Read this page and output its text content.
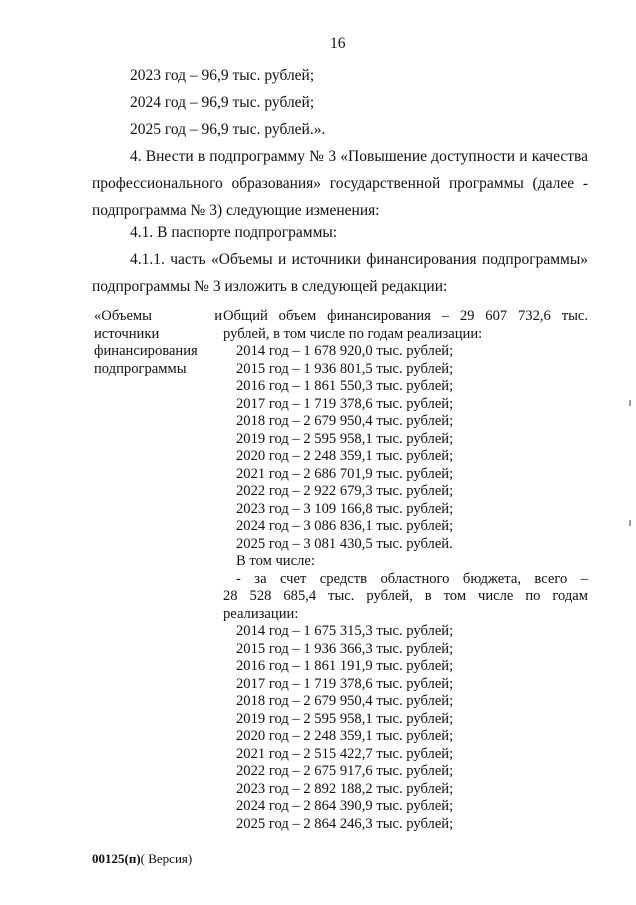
16
2023 год – 96,9 тыс. рублей;
2024 год – 96,9 тыс. рублей;
2025 год – 96,9 тыс. рублей.».
4. Внести в подпрограмму № 3 «Повышение доступности и качества
профессионального образования» государственной программы (далее -
подпрограмма № 3) следующие изменения:
4.1. В паспорте подпрограммы:
4.1.1. часть «Объемы и источники финансирования подпрограммы»
подпрограммы № 3 изложить в следующей редакции:
«Объемы	и
источники
финансирования
подпрограммы
Общий объем финансирования – 29 607 732,6 тыс.
рублей, в том числе по годам реализации:
2014 год – 1 678 920,0 тыс. рублей;
2015 год – 1 936 801,5 тыс. рублей;
2016 год – 1 861 550,3 тыс. рублей;
2017 год – 1 719 378,6 тыс. рублей;
2018 год – 2 679 950,4 тыс. рублей;
2019 год – 2 595 958,1 тыс. рублей;
2020 год – 2 248 359,1 тыс. рублей;
2021 год – 2 686 701,9 тыс. рублей;
2022 год – 2 922 679,3 тыс. рублей;
2023 год – 3 109 166,8 тыс. рублей;
2024 год – 3 086 836,1 тыс. рублей;
2025 год – 3 081 430,5 тыс. рублей.
В том числе:
- за счет средств областного бюджета, всего –
28 528 685,4 тыс. рублей, в том числе по годам
реализации:
2014 год – 1 675 315,3 тыс. рублей;
2015 год – 1 936 366,3 тыс. рублей;
2016 год – 1 861 191,9 тыс. рублей;
2017 год – 1 719 378,6 тыс. рублей;
2018 год – 2 679 950,4 тыс. рублей;
2019 год – 2 595 958,1 тыс. рублей;
2020 год – 2 248 359,1 тыс. рублей;
2021 год – 2 515 422,7 тыс. рублей;
2022 год – 2 675 917,6 тыс. рублей;
2023 год – 2 892 188,2 тыс. рублей;
2024 год – 2 864 390,9 тыс. рублей;
2025 год – 2 864 246,3 тыс. рублей;
00125(п)( Версия)
